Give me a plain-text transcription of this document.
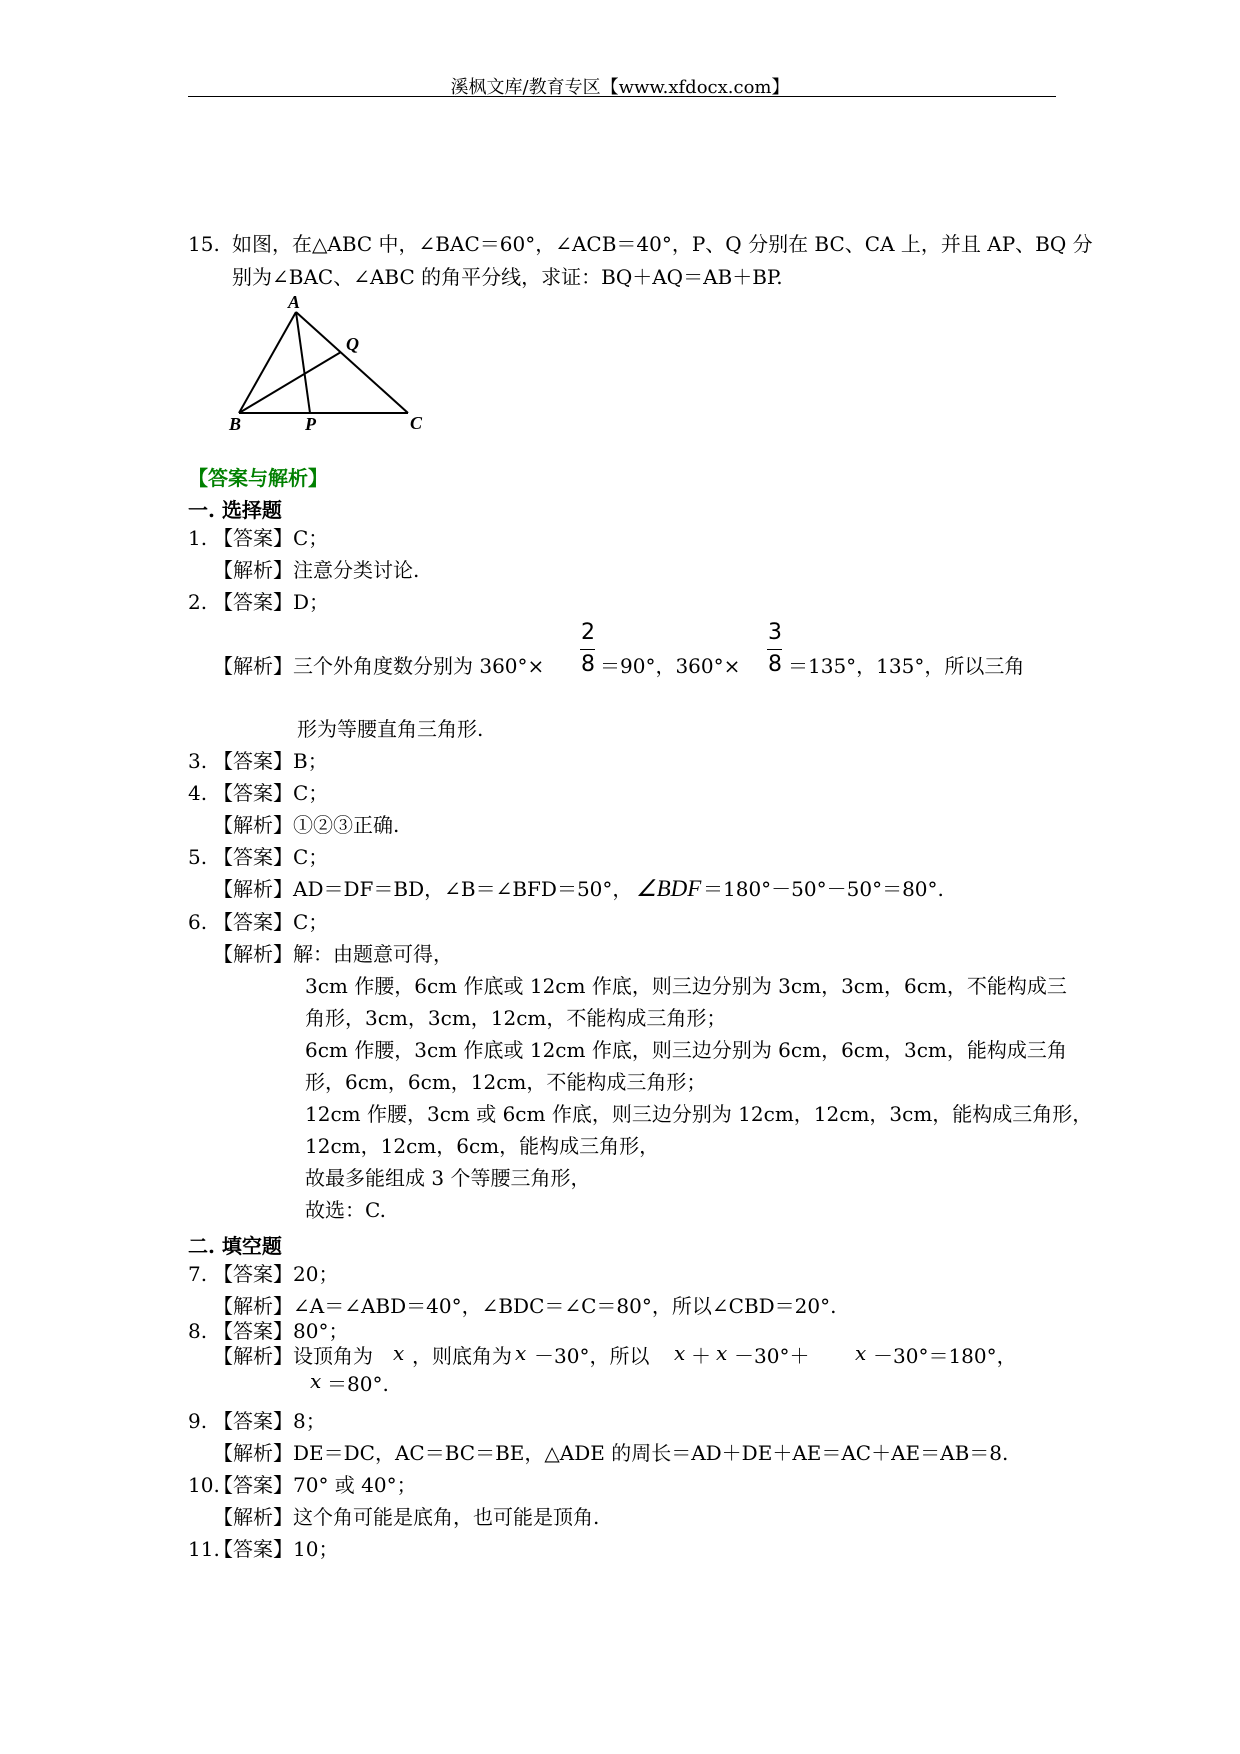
溪枫文库/教育专区【www.xfdocx.com】
15. 如图，在△ABC 中，∠BAC＝60°，∠ACB＝40°，P、Q 分别在 BC、CA 上，并且 AP、BQ 分
别为∠BAC、∠ABC 的角平分线，求证：BQ＋AQ＝AB＋BP.
A
B	C
P
Q
【答案与解析】
一. 选择题
1. 【答案】C；
【解析】注意分类讨论.
2. 【答案】D；
【解析】三个外角度数分别为 360°×
2
8 ＝90°，360°×
3
8 ＝135°，135°，所以三角
形为等腰直角三角形.
3. 【答案】B；
4. 【答案】C；
【解析】①②③正确.
5. 【答案】C；
【解析】AD＝DF＝BD，∠B＝∠BFD＝50°， ∠BDF ＝180°－50°－50°＝80°.
6. 【答案】C；
【解析】解：由题意可得，
3cm 作腰，6cm 作底或 12cm 作底，则三边分别为 3cm，3cm，6cm，不能构成三
角形，3cm，3cm，12cm，不能构成三角形；
6cm 作腰，3cm 作底或 12cm 作底，则三边分别为 6cm，6cm，3cm，能构成三角
形，6cm，6cm，12cm，不能构成三角形；
12cm 作腰，3cm 或 6cm 作底，则三边分别为 12cm，12cm，3cm，能构成三角形，
12cm，12cm，6cm，能构成三角形，
故最多能组成 3 个等腰三角形，
故选：C.
二. 填空题
7. 【答案】20；
【解析】∠A＝∠ABD＝40°，∠BDC＝∠C＝80°，所以∠CBD＝20°.
8. 【答案】80°；
【解析】设顶角为 x ，则底角为 x －30°，所以 x ＋ x －30°＋ x －30°＝180°，
x ＝80°.
9. 【答案】8；
【解析】DE＝DC，AC＝BC＝BE，△ADE 的周长＝AD＋DE＋AE＝AC＋AE＝AB＝8.
10.
【答案】70° 或 40°；
【解析】这个角可能是底角，也可能是顶角.
11.
【答案】10；
